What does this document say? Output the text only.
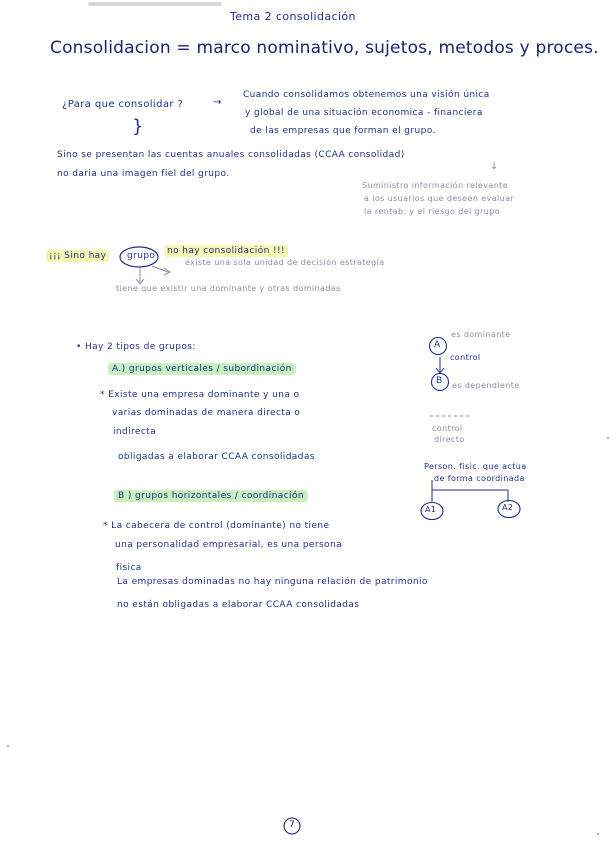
Tema 2 consolidación

Consolidacion = marco nominativo, sujetos, metodos y proces.

¿Para que consolidar ?	→

Cuando consolidamos obtenemos una visión única

y global de una situación economica - financiera

de las empresas que forman el grupo.

}

Sino se presentan las cuentas anuales consolidadas (CCAA consolidad)

no daria una imagen fiel del grupo.

↓

Suministro información relevante

a los usuarios que deseen evaluar

la rentab. y el riesgo del grupo

¡¡¡ Sino hay	grupo	no hay consolidación !!!

existe una sola unidad de decisión estrategia

tiene que existir una dominante y otras dominadas

• Hay 2 tipos de grupos:

A.) grupos verticales / subordinación

* Existe una empresa dominante y una o

varias dominadas de manera directa o

indirecta

obligadas a elaborar CCAA consolidadas

B ) grupos horizontales / coordinación

* La cabecera de control (dominante) no tiene

una personalidad empresarial, es una persona

fisica

La empresas dominadas no hay ninguna relación de patrimonio

no están obligadas a elaborar CCAA consolidadas

A

es dominante

control

B es dependiente

control

directo

Person. fisic. que actua

de forma coordinada

A1	A2

7
